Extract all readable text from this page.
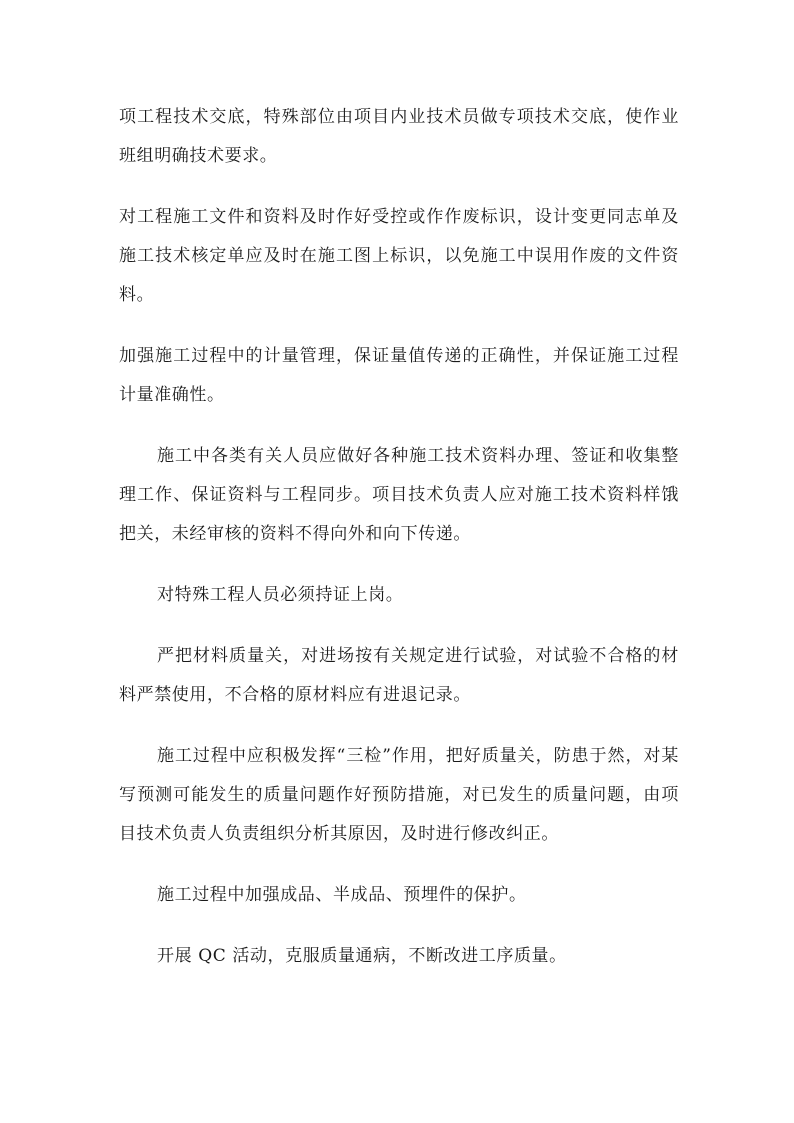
项工程技术交底，特殊部位由项目内业技术员做专项技术交底，使作业班组明确技术要求。

对工程施工文件和资料及时作好受控或作作废标识，设计变更同志单及施工技术核定单应及时在施工图上标识，以免施工中误用作废的文件资料。

加强施工过程中的计量管理，保证量值传递的正确性，并保证施工过程计量准确性。

施工中各类有关人员应做好各种施工技术资料办理、签证和收集整理工作、保证资料与工程同步。项目技术负责人应对施工技术资料样饿把关，未经审核的资料不得向外和向下传递。

对特殊工程人员必须持证上岗。

严把材料质量关，对进场按有关规定进行试验，对试验不合格的材料严禁使用，不合格的原材料应有进退记录。

施工过程中应积极发挥“三检”作用，把好质量关，防患于然，对某写预测可能发生的质量问题作好预防措施，对已发生的质量问题，由项目技术负责人负责组织分析其原因，及时进行修改纠正。

施工过程中加强成品、半成品、预埋件的保护。

开展 QC 活动，克服质量通病，不断改进工序质量。
